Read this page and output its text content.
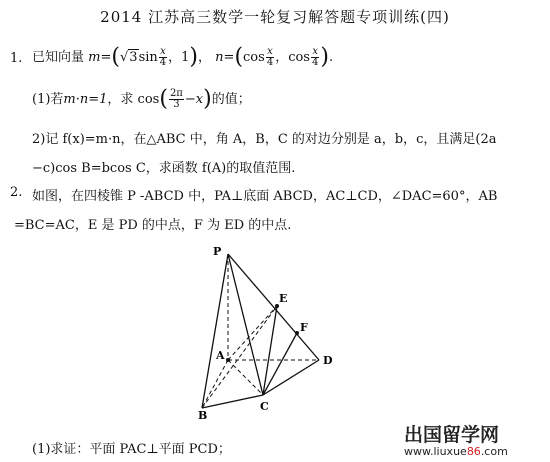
2014 江苏高三数学一轮复习解答题专项训练(四)
1. 已知向量 $m=(√3\sin \frac{x}{4}$ ，1)， $n=(\cos \frac{x}{4}$ ，$\cos \frac{x}{4}$ ).
(1)若m·n=1，求 $\cos( \frac{2\pi}{3} -x)$的值；
2)记 f(x)=m·n，在△ABC 中，角 A，B，C 的对边分别是 a，b，c，且满足(2a
−c)cos B=bcos C，求函数 f(A)的取值范围.
2. 如图，在四棱锥 P -ABCD 中，PA⊥底面 ABCD，AC⊥CD，∠DAC=60°，AB
=BC=AC，E 是 PD 的中点，F 为 ED 的中点.
P
E
F
A	D
B
C
(1)求证：平面 PAC⊥平面 PCD；
出国留学网
www.liuxue86.com
